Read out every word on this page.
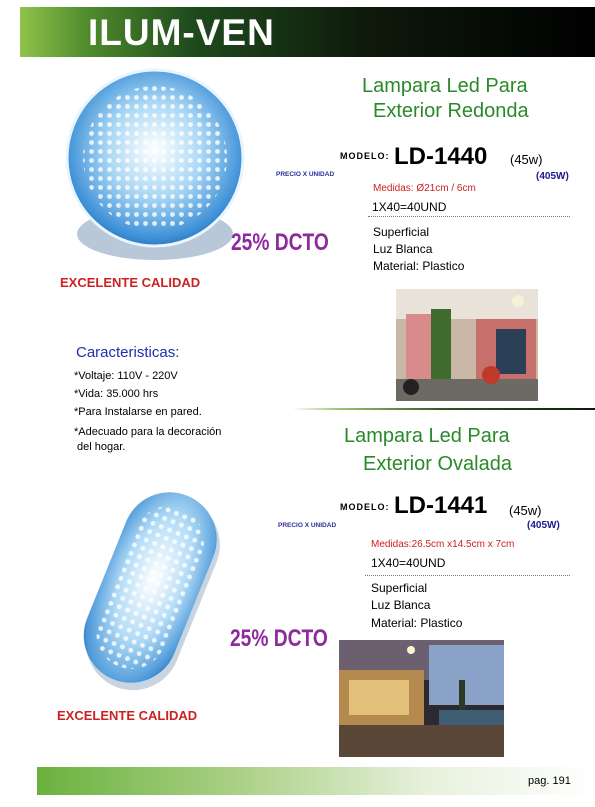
ILUM-VEN
Lampara Led Para
Exterior Redonda
MODELO: LD-1440 (45w)
PRECIO X UNIDAD	(405W)
Medidas: Ø21cm / 6cm
1X40=40UND
Superficial
Luz Blanca
Material: Plastico
25% DCTO
EXCELENTE CALIDAD
Caracteristicas:
*Voltaje: 110V - 220V
*Vida: 35.000 hrs
*Para Instalarse en pared.
*Adecuado para la decoración
del hogar.	Lampara Led Para
Exterior Ovalada
MODELO: LD-1441 (45w)
PRECIO X UNIDAD	(405W)
Medidas:26.5cm x14.5cm x 7cm
1X40=40UND
Superficial
Luz Blanca
Material: Plastico
25% DCTO
EXCELENTE CALIDAD
pag. 191
